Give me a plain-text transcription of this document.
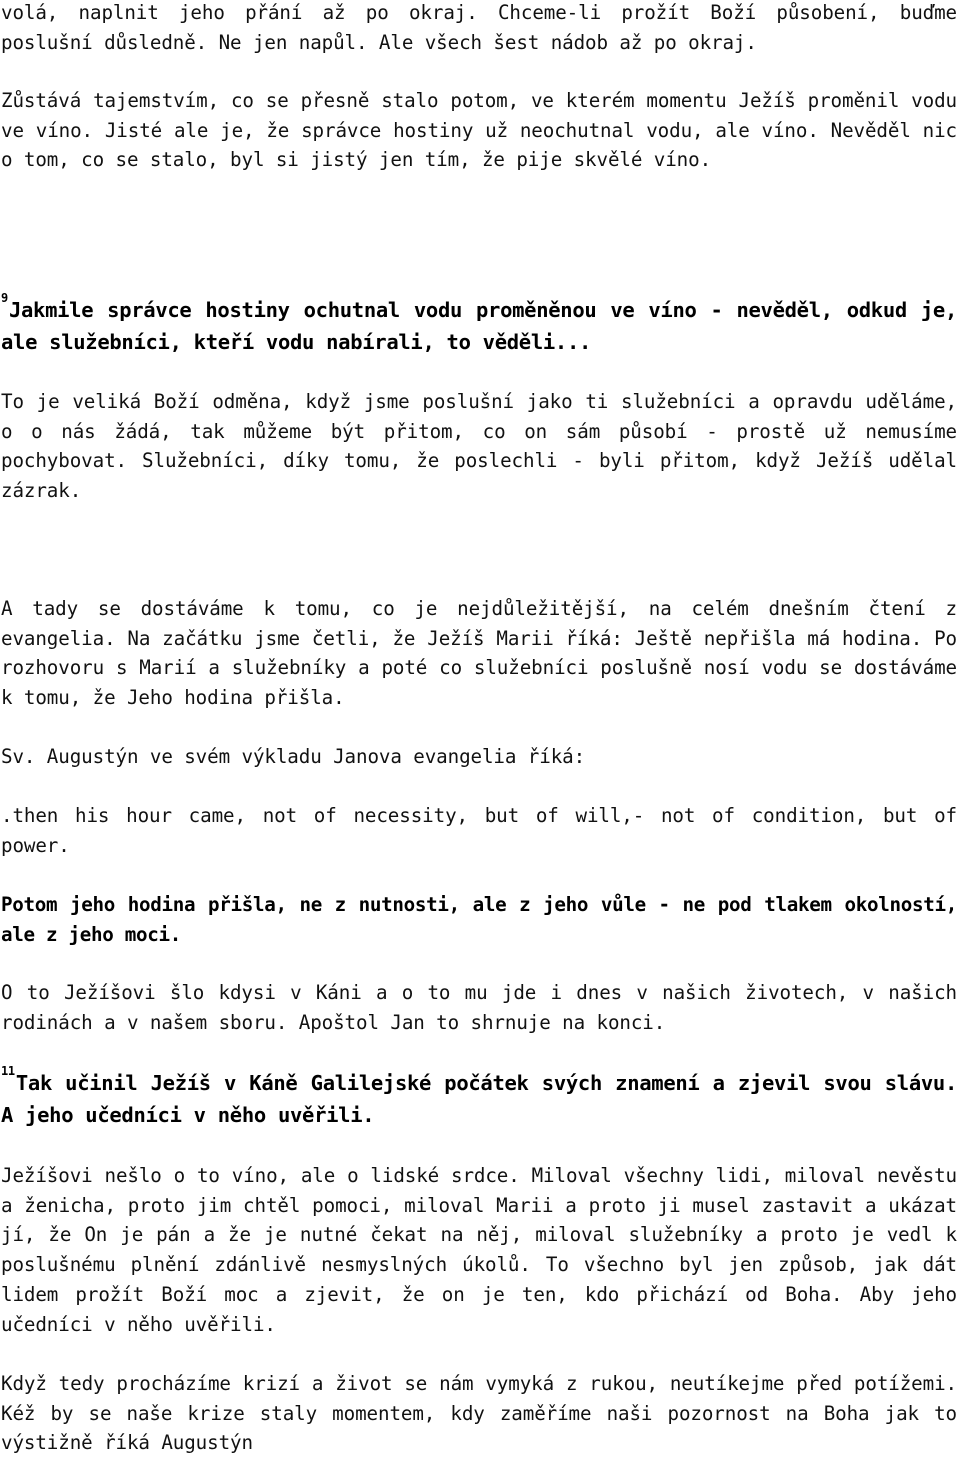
volá, naplnit jeho přání až po okraj. Chceme-li prožít Boží působení, buďme poslušní důsledně. Ne jen napůl. Ale všech šest nádob až po okraj.

Zůstává tajemstvím, co se přesně stalo potom, ve kterém momentu Ježíš proměnil vodu ve víno. Jisté ale je, že správce hostiny už neochutnal vodu, ale víno. Nevěděl nic o tom, co se stalo, byl si jistý jen tím, že pije skvělé víno.

$^9$Jakmile správce hostiny ochutnal vodu proměněnou ve víno - nevěděl, odkud je, ale služebníci, kteří vodu nabírali, to věděli...

To je veliká Boží odměna, když jsme poslušní jako ti služebníci a opravdu uděláme, o o nás žádá, tak můžeme být přitom, co on sám působí - prostě už nemusíme pochybovat. Služebníci, díky tomu, že poslechli - byli přitom, když Ježíš udělal zázrak.

A tady se dostáváme k tomu, co je nejdůležitější, na celém dnešním čtení z evangelia. Na začátku jsme četli, že Ježíš Marii říká: Ještě nepřišla má hodina. Po rozhovoru s Marií a služebníky a poté co služebníci poslušně nosí vodu se dostáváme k tomu, že Jeho hodina přišla.

Sv. Augustýn ve svém výkladu Janova evangelia říká:

.then his hour came, not of necessity, but of will,- not of condition, but of power.

Potom jeho hodina přišla, ne z nutnosti, ale z jeho vůle - ne pod tlakem okolností, ale z jeho moci.

O to Ježíšovi šlo kdysi v Káni a o to mu jde i dnes v našich životech, v našich rodinách a v našem sboru. Apoštol Jan to shrnuje na konci.

$^{11}$Tak učinil Ježíš v Káně Galilejské počátek svých znamení a zjevil svou slávu. A jeho učedníci v něho uvěřili.

Ježíšovi nešlo o to víno, ale o lidské srdce. Miloval všechny lidi, miloval nevěstu a ženicha, proto jim chtěl pomoci, miloval Marii a proto ji musel zastavit a ukázat jí, že On je pán a že je nutné čekat na něj, miloval služebníky a proto je vedl k poslušnému plnění zdánlivě nesmyslných úkolů. To všechno byl jen způsob, jak dát lidem prožít Boží moc a zjevit, že on je ten, kdo přichází od Boha. Aby jeho učedníci v něho uvěřili.

Když tedy procházíme krizí a život se nám vymyká z rukou, neutíkejme před potížemi. Kéž by se naše krize staly momentem, kdy zaměříme naši pozornost na Boha jak to výstižně říká Augustýn
